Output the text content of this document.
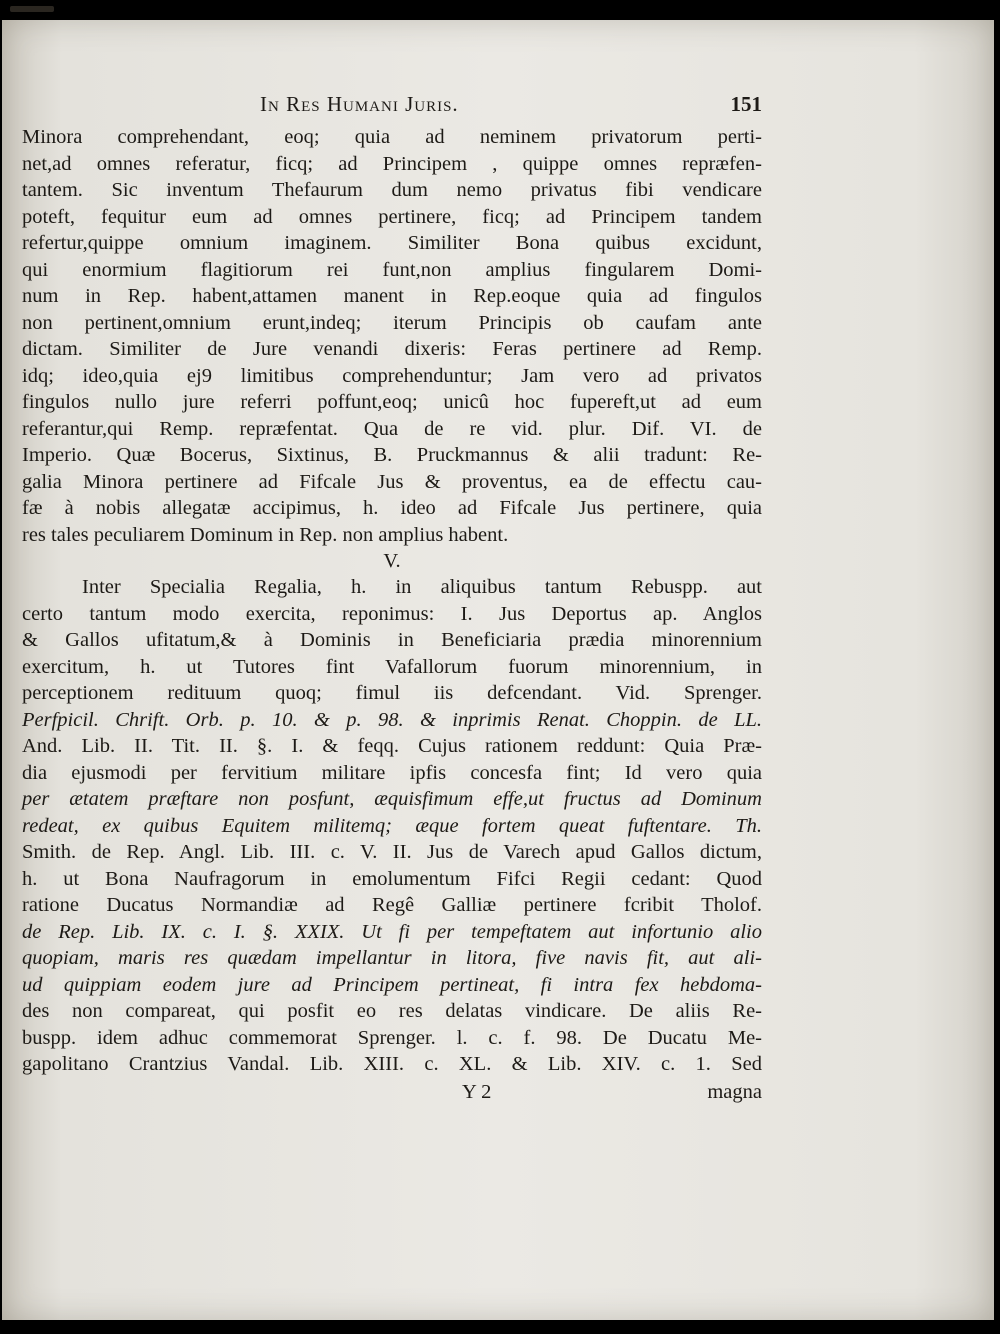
In Res Humani Juris.	151
Minora comprehendant, eoq; quia ad neminem privatorum perti-
net,ad omnes referatur, ficq; ad Principem , quippe omnes repræfen-
tantem. Sic inventum Thefaurum dum nemo privatus fibi vendicare
poteft, fequitur eum ad omnes pertinere, ficq; ad Principem tandem
refertur,quippe omnium imaginem. Similiter Bona quibus excidunt,
qui enormium flagitiorum rei funt,non amplius fingularem Domi-
num in Rep. habent,attamen manent in Rep.eoque quia ad fingulos
non pertinent,omnium erunt,indeq; iterum Principis ob caufam ante
dictam. Similiter de Jure venandi dixeris: Feras pertinere ad Remp.
idq; ideo,quia ej9 limitibus comprehenduntur; Jam vero ad privatos
fingulos nullo jure referri poffunt,eoq; unicû hoc fupereft,ut ad eum
referantur,qui Remp. repræfentat. Qua de re vid. plur. Dif. VI. de
Imperio. Quæ Bocerus, Sixtinus, B. Pruckmannus & alii tradunt: Re-
galia Minora pertinere ad Fifcale Jus & proventus, ea de effectu cau-
fæ à nobis allegatæ accipimus, h. ideo ad Fifcale Jus pertinere, quia
res tales peculiarem Dominum in Rep. non amplius habent.
V.
Inter Specialia Regalia, h. in aliquibus tantum Rebuspp. aut
certo tantum modo exercita, reponimus: I. Jus Deportus ap. Anglos
& Gallos ufitatum,& à Dominis in Beneficiaria prædia minorennium
exercitum, h. ut Tutores fint Vafallorum fuorum minorennium, in
perceptionem redituum quoq; fimul iis defcendant. Vid. Sprenger.
Perfpicil. Chrift. Orb. p. 10. & p. 98. & inprimis Renat. Choppin. de LL.
And. Lib. II. Tit. II. §. I. & feqq. Cujus rationem reddunt: Quia Præ-
dia ejusmodi per fervitium militare ipfis concesfa fint; Id vero quia
per ætatem præftare non posfunt, æquisfimum effe,ut fructus ad Dominum
redeat, ex quibus Equitem militemq; æque fortem queat fuftentare. Th.
Smith. de Rep. Angl. Lib. III. c. V. II. Jus de Varech apud Gallos dictum,
h. ut Bona Naufragorum in emolumentum Fifci Regii cedant: Quod
ratione Ducatus Normandiæ ad Regê Galliæ pertinere fcribit Tholof.
de Rep. Lib. IX. c. I. §. XXIX. Ut fi per tempeftatem aut infortunio alio
quopiam, maris res quædam impellantur in litora, five navis fit, aut ali-
ud quippiam eodem jure ad Principem pertineat, fi intra fex hebdoma-
des non compareat, qui posfit eo res delatas vindicare. De aliis Re-
buspp. idem adhuc commemorat Sprenger. l. c. f. 98. De Ducatu Me-
gapolitano Crantzius Vandal. Lib. XIII. c. XL. & Lib. XIV. c. 1. Sed
Y 2	magna
